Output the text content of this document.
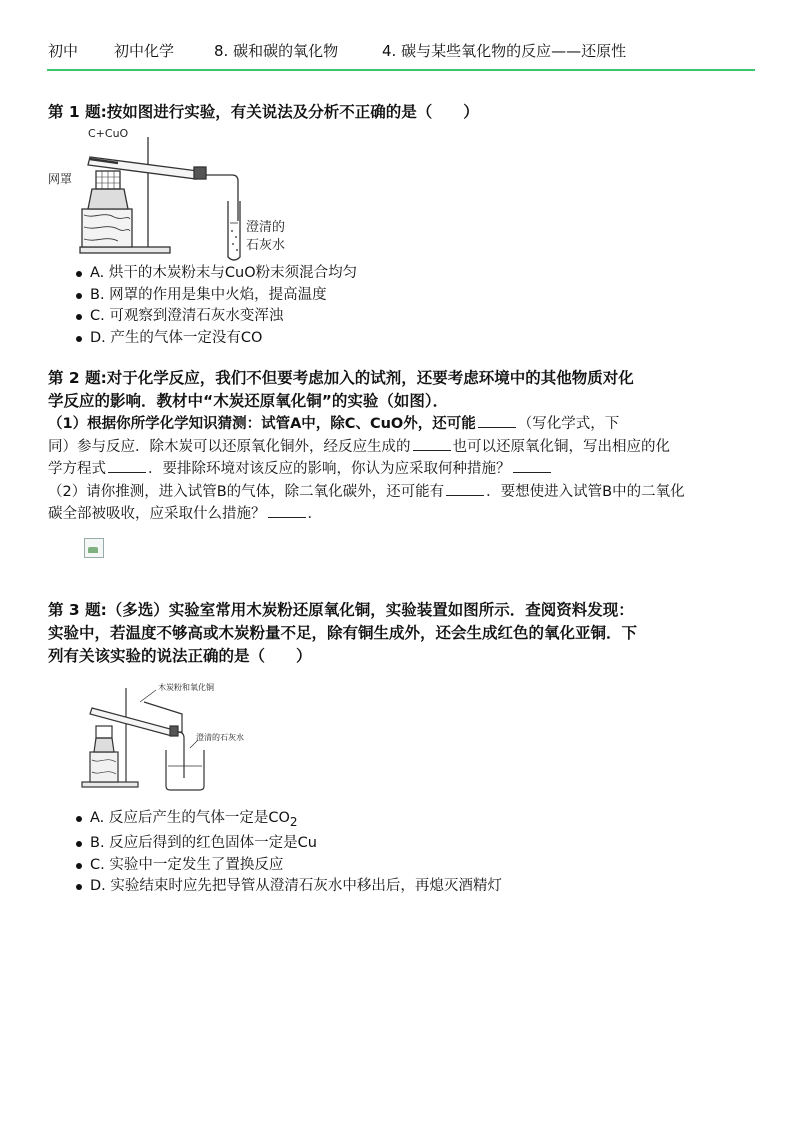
初中 初中化学	8. 碳和碳的氧化物	4. 碳与某些氧化物的反应——还原性
第 1 题:按如图进行实验，有关说法及分析不正确的是（　　）
C+CuO
网罩
澄清的
石灰水
A. 烘干的木炭粉末与CuO粉末须混合均匀
B. 网罩的作用是集中火焰，提高温度
C. 可观察到澄清石灰水变浑浊
D. 产生的气体一定没有CO
第 2 题:对于化学反应，我们不但要考虑加入的试剂，还要考虑环境中的其他物质对化
学反应的影响．教材中“木炭还原氧化铜”的实验（如图）．
（1）根据你所学化学知识猜测：试管A中，除C、CuO外，还可能	（写化学式，下
同）参与反应．除木炭可以还原氧化铜外，经反应生成的	也可以还原氧化铜，写出相应的化
学方程式	．要排除环境对该反应的影响，你认为应采取何种措施？
（2）请你推测，进入试管B的气体，除二氧化碳外，还可能有	．要想使进入试管B中的二氧化
碳全部被吸收，应采取什么措施？	．
第 3 题:（多选）实验室常用木炭粉还原氧化铜，实验装置如图所示．查阅资料发现：
实验中，若温度不够高或木炭粉量不足，除有铜生成外，还会生成红色的氧化亚铜．下
列有关该实验的说法正确的是（　　）
木炭粉和氧化铜
澄清的石灰水
A. 反应后产生的气体一定是$CO_2$
B. 反应后得到的红色固体一定是Cu
C. 实验中一定发生了置换反应
D. 实验结束时应先把导管从澄清石灰水中移出后，再熄灭酒精灯
